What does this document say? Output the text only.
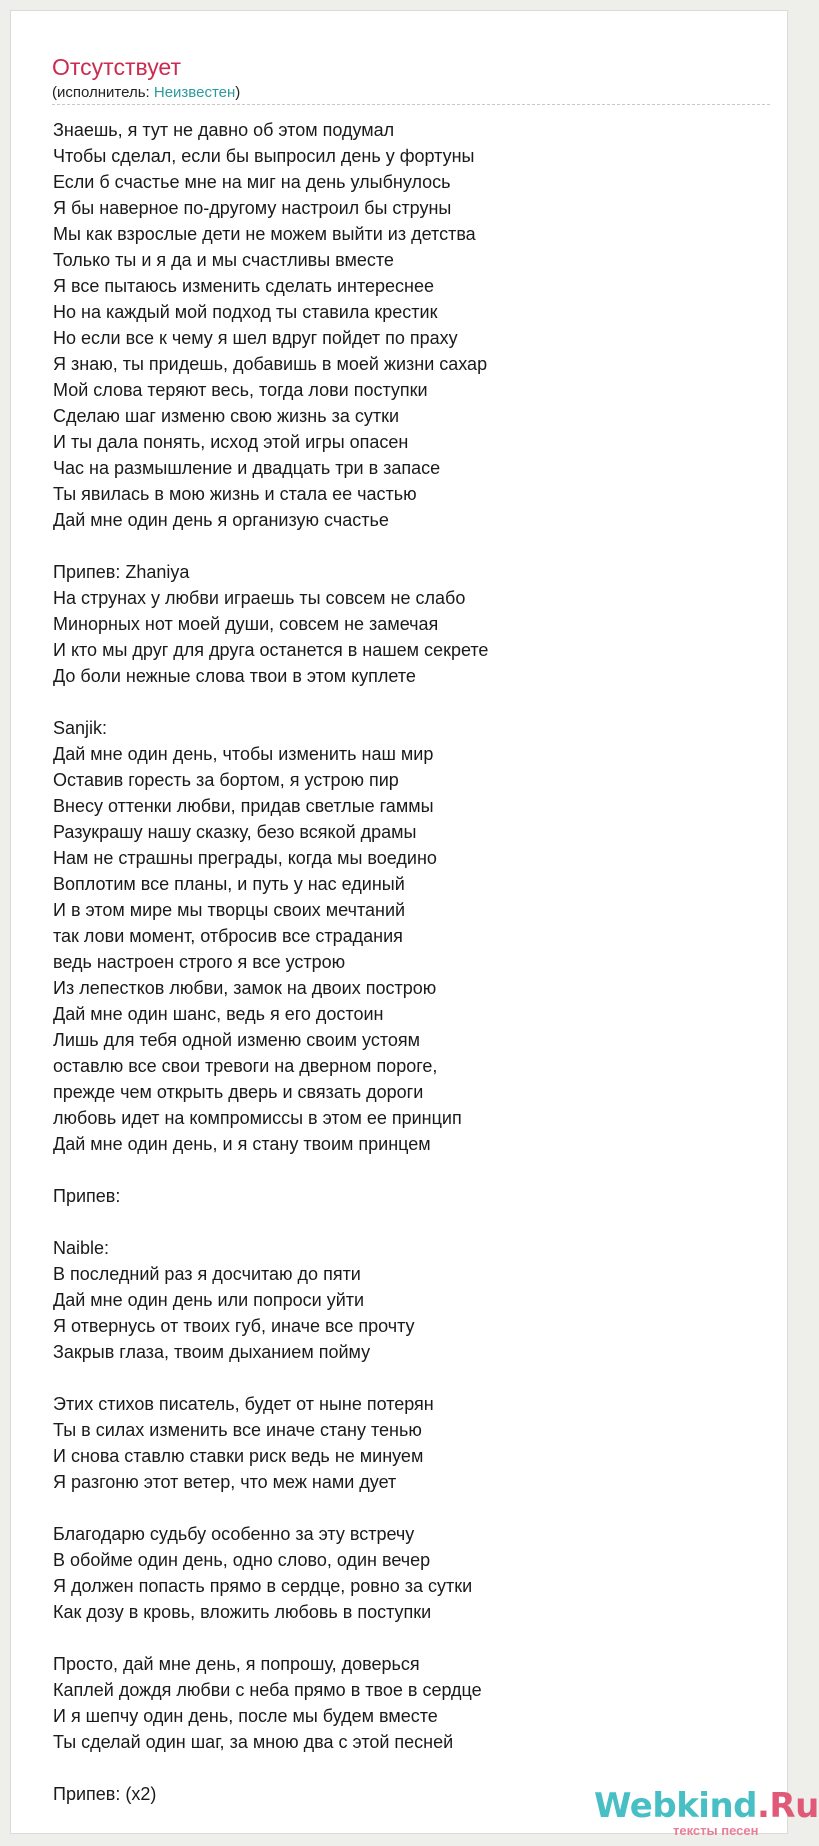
Отсутствует
(исполнитель: Неизвестен)
Знаешь, я тут не давно об этом подумал
Чтобы сделал, если бы выпросил день у фортуны
Если б счастье мне на миг на день улыбнулось
Я бы наверное по-другому настроил бы струны
Мы как взрослые дети не можем выйти из детства
Только ты и я да и мы счастливы вместе
Я все пытаюсь изменить сделать интереснее
Но на каждый мой подход ты ставила крестик
Но если все к чему я шел вдруг пойдет по праху
Я знаю, ты придешь, добавишь в моей жизни сахар
Мой слова теряют весь, тогда лови поступки
Сделаю шаг изменю свою жизнь за сутки
И ты дала понять, исход этой игры опасен
Час на размышление и двадцать три в запасе
Ты явилась в мою жизнь и стала ее частью
Дай мне один день я организую счастье
Припев: Zhaniya
На струнах у любви играешь ты совсем не слабо
Минорных нот моей души, совсем не замечая
И кто мы друг для друга останется в нашем секрете
До боли нежные слова твои в этом куплете
Sanjik:
Дай мне один день, чтобы изменить наш мир
Оставив горесть за бортом, я устрою пир
Внесу оттенки любви, придав светлые гаммы
Разукрашу нашу сказку, безо всякой драмы
Нам не страшны преграды, когда мы воедино
Воплотим все планы, и путь у нас единый
И в этом мире мы творцы своих мечтаний
так лови момент, отбросив все страдания
ведь настроен строго я все устрою
Из лепестков любви, замок на двоих построю
Дай мне один шанс, ведь я его достоин
Лишь для тебя одной изменю своим устоям
оставлю все свои тревоги на дверном пороге,
прежде чем открыть дверь и связать дороги
любовь идет на компромиссы в этом ее принцип
Дай мне один день, и я стану твоим принцем
Припев:
Naible:
В последний раз я досчитаю до пяти
Дай мне один день или попроси уйти
Я отвернусь от твоих губ, иначе все прочту
Закрыв глаза, твоим дыханием пойму
Этих стихов писатель, будет от ныне потерян
Ты в силах изменить все иначе стану тенью
И снова ставлю ставки риск ведь не минуем
Я разгоню этот ветер, что меж нами дует
Благодарю судьбу особенно за эту встречу
В обойме один день, одно слово, один вечер
Я должен попасть прямо в сердце, ровно за сутки
Как дозу в кровь, вложить любовь в поступки
Просто, дай мне день, я попрошу, доверься
Каплей дождя любви с неба прямо в твое в сердце
И я шепчу один день, после мы будем вместе
Ты сделай один шаг, за мною два с этой песней
Припев: (x2)	Webkind.Ru
тексты песен
